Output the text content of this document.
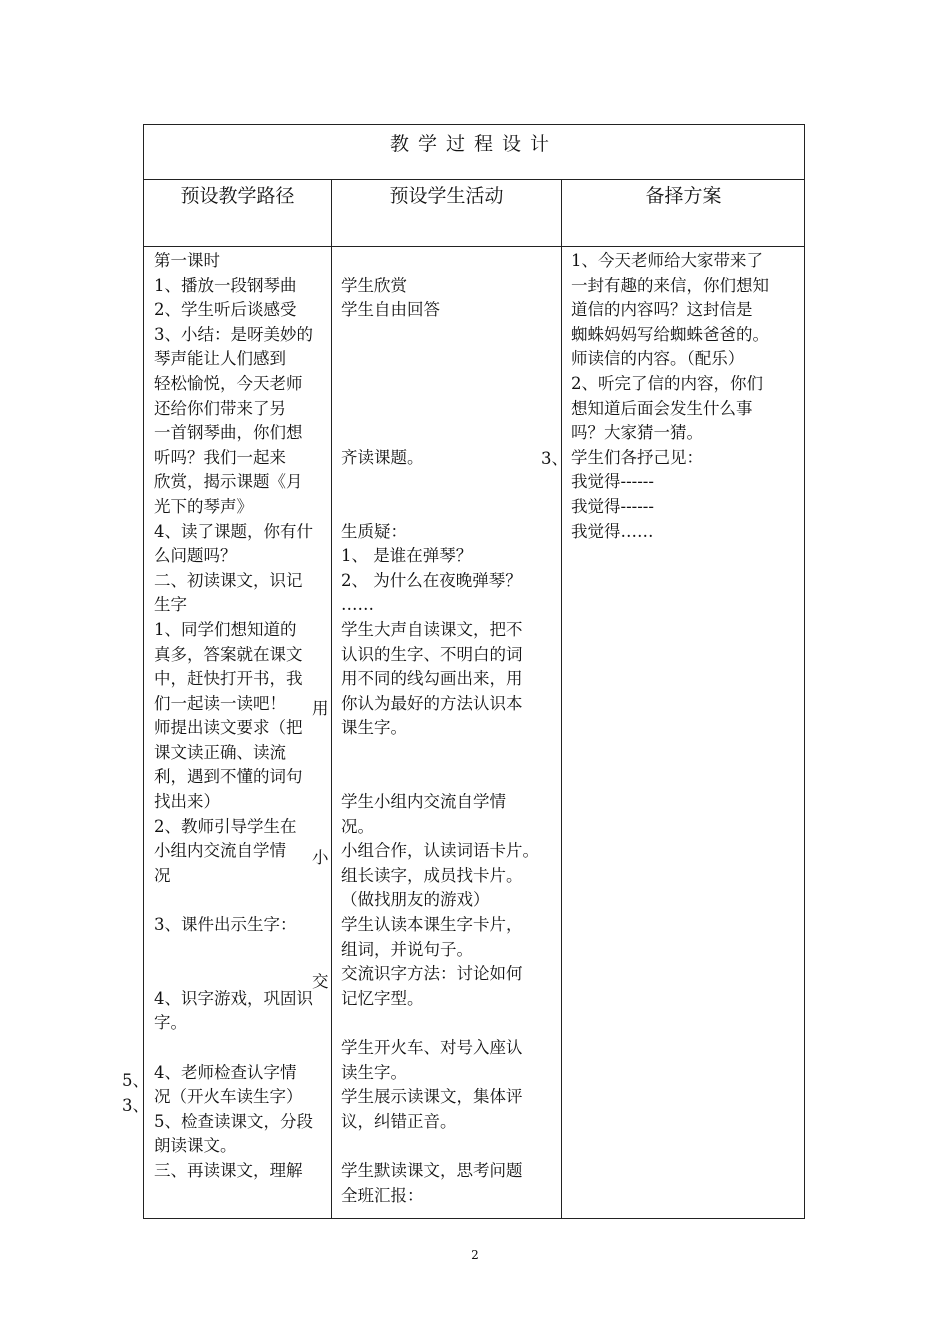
教学过程设计
预设教学路径	预设学生活动	备择方案
第一课时
1、播放一段钢琴曲
2、学生听后谈感受
3、小结：是呀美妙的
琴声能让人们感到
轻松愉悦，今天老师
还给你们带来了另
一首钢琴曲，你们想
听吗？我们一起来
欣赏，揭示课题《月
光下的琴声》
4、读了课题，你有什
么问题吗？
二、初读课文，识记
生字
1、同学们想知道的
真多，答案就在课文
中，赶快打开书，我
们一起读一读吧！
师提出读文要求（把
课文读正确、读流
利，遇到不懂的词句
找出来）
2、教师引导学生在
小组内交流自学情
况

3、课件出示生字：

4、识字游戏，巩固识
字。

4、老师检查认字情
况（开火车读生字）
5、检查读课文，分段
朗读课文。
三、再读课文，理解

学生欣赏
学生自由回答

齐读课题。

生质疑：
1、 是谁在弹琴？
2、 为什么在夜晚弹琴？
……
学生大声自读课文，把不
认识的生字、不明白的词
用不同的线勾画出来，用
你认为最好的方法认识本
课生字。

学生小组内交流自学情
况。
小组合作，认读词语卡片。
组长读字，成员找卡片。
（做找朋友的游戏）
学生认读本课生字卡片，
组词，并说句子。
交流识字方法：讨论如何
记忆字型。

学生开火车、对号入座认
读生字。
学生展示读课文，集体评
议，纠错正音。

学生默读课文，思考问题
全班汇报：
1、今天老师给大家带来了
一封有趣的来信，你们想知
道信的内容吗？这封信是
蜘蛛妈妈写给蜘蛛爸爸的。
师读信的内容。（配乐）
2、听完了信的内容，你们
想知道后面会发生什么事
吗？大家猜一猜。
学生们各抒己见：
我觉得------
我觉得------
我觉得……
3、
用
小
交
5、
3、
2
